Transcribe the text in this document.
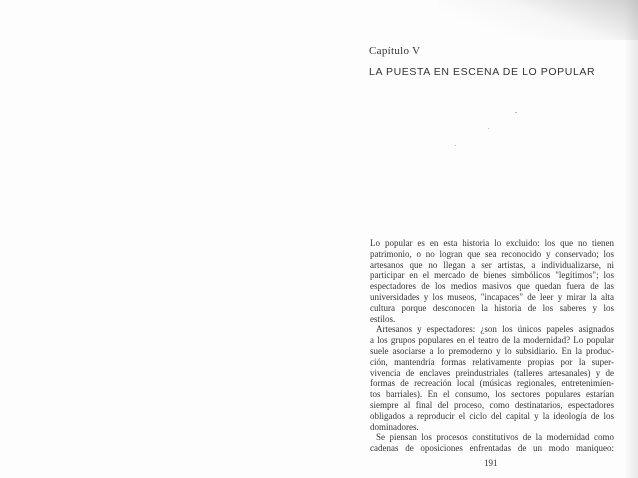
Capítulo V
LA PUESTA EN ESCENA DE LO POPULAR
Lo popular es en esta historia lo excluido: los que no tienen
patrimonio, o no logran que sea reconocido y conservado; los
artesanos que no llegan a ser artistas, a individualizarse, ni
participar en el mercado de bienes simbólicos "legítimos"; los
espectadores de los medios masivos que quedan fuera de las
universidades y los museos, "incapaces" de leer y mirar la alta
cultura porque desconocen la historia de los saberes y los
estilos.
Artesanos y espectadores: ¿son los únicos papeles asignados
a los grupos populares en el teatro de la modernidad? Lo popular
suele asociarse a lo premoderno y lo subsidiario. En la produc-
ción, mantendría formas relativamente propias por la super-
vivencia de enclaves preindustriales (talleres artesanales) y de
formas de recreación local (músicas regionales, entretenimien-
tos barriales). En el consumo, los sectores populares estarían
siempre al final del proceso, como destinatarios, espectadores
obligados a reproducir el ciclo del capital y la ideología de los
dominadores.
Se piensan los procesos constitutivos de la modernidad como
cadenas de oposiciones enfrentadas de un modo maniqueo:
191
